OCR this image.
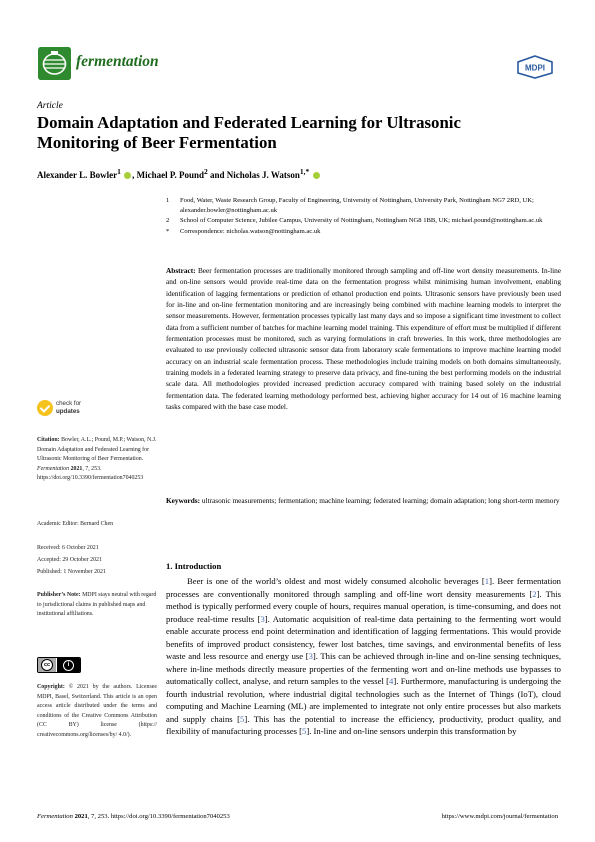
fermentation	MDPI
Article
Domain Adaptation and Federated Learning for Ultrasonic Monitoring of Beer Fermentation
Alexander L. Bowler$^1$ , Michael P. Pound$^2$ and Nicholas J. Watson$^{1,*}$
1 Food, Water, Waste Research Group, Faculty of Engineering, University of Nottingham, University Park, Nottingham NG7 2RD, UK; alexander.bowler@nottingham.ac.uk
2 School of Computer Science, Jubilee Campus, University of Nottingham, Nottingham NG8 1BB, UK; michael.pound@nottingham.ac.uk
* Correspondence: nicholas.watson@nottingham.ac.uk
Abstract: Beer fermentation processes are traditionally monitored through sampling and off-line wort density measurements. In-line and on-line sensors would provide real-time data on the fermentation progress whilst minimising human involvement, enabling identification of lagging fermentations or prediction of ethanol production end points. Ultrasonic sensors have previously been used for in-line and on-line fermentation monitoring and are increasingly being combined with machine learning models to interpret the sensor measurements. However, fermentation processes typically last many days and so impose a significant time investment to collect data from a sufficient number of batches for machine learning model training. This expenditure of effort must be multiplied if different fermentation processes must be monitored, such as varying formulations in craft breweries. In this work, three methodologies are evaluated to use previously collected ultrasonic sensor data from laboratory scale fermentations to improve machine learning model accuracy on an industrial scale fermentation process. These methodologies include training models on both domains simultaneously, training models in a federated learning strategy to preserve data privacy, and fine-tuning the best performing models on the industrial scale data. All methodologies provided increased prediction accuracy compared with training based solely on the industrial fermentation data. The federated learning methodology performed best, achieving higher accuracy for 14 out of 16 machine learning tasks compared with the base case model.
Keywords: ultrasonic measurements; fermentation; machine learning; federated learning; domain adaptation; long short-term memory
check for
updates
Citation: Bowler, A.L.; Pound, M.P.; Watson, N.J. Domain Adaptation and Federated Learning for Ultrasonic Monitoring of Beer Fermentation. Fermentation 2021, 7, 253. https://doi.org/10.3390/fermentation7040253
Academic Editor: Bernard Chen
Received: 6 October 2021
Accepted: 29 October 2021
Published: 1 November 2021
Publisher’s Note: MDPI stays neutral with regard to jurisdictional claims in published maps and institutional affiliations.
cc	i
Copyright: © 2021 by the authors. Licensee MDPI, Basel, Switzerland. This article is an open access article distributed under the terms and conditions of the Creative Commons Attribution (CC BY) license (https:// creativecommons.org/licenses/by/ 4.0/).
1. Introduction
Beer is one of the world’s oldest and most widely consumed alcoholic beverages [1]. Beer fermentation processes are conventionally monitored through sampling and off-line wort density measurements [2]. This method is typically performed every couple of hours, requires manual operation, is time-consuming, and does not produce real-time results [3]. Automatic acquisition of real-time data pertaining to the fermenting wort would enable accurate process end point determination and identification of lagging fermentations. This would provide benefits of improved product consistency, fewer lost batches, time savings, and environmental benefits of less waste and less resource and energy use [3]. This can be achieved through in-line and on-line sensing techniques, where in-line methods directly measure properties of the fermenting wort and on-line methods use bypasses to automatically collect, analyse, and return samples to the vessel [4]. Furthermore, manufacturing is undergoing the fourth industrial revolution, where industrial digital technologies such as the Internet of Things (IoT), cloud computing and Machine Learning (ML) are implemented to integrate not only entire processes but also markets and supply chains [5]. This has the potential to increase the efficiency, productivity, product quality, and flexibility of manufacturing processes [5]. In-line and on-line sensors underpin this transformation by
Fermentation 2021, 7, 253. https://doi.org/10.3390/fermentation7040253	https://www.mdpi.com/journal/fermentation
